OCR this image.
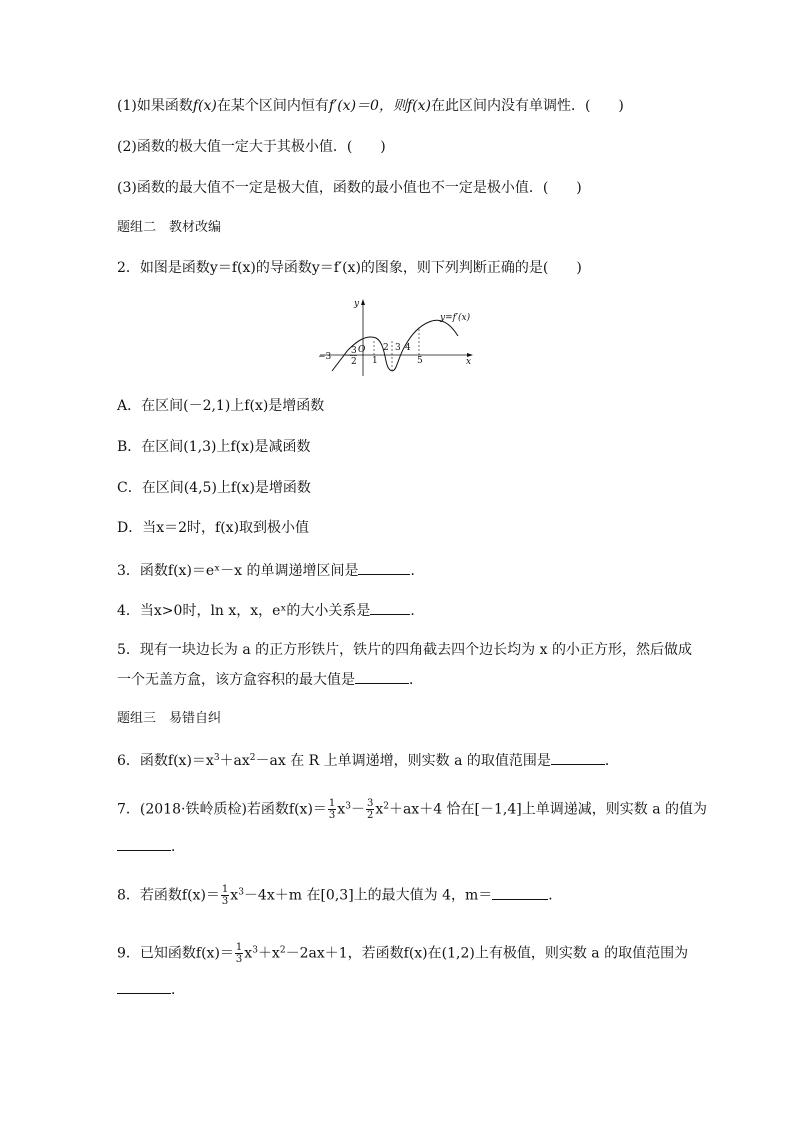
(1)如果函数f(x)在某个区间内恒有f′(x)＝0，则f(x)在此区间内没有单调性．(　　)
(2)函数的极大值一定大于其极小值．(　　)
(3)函数的最大值不一定是极大值，函数的最小值也不一定是极小值．(　　)
题组二　教材改编
2．如图是函数y＝f(x)的导函数y＝f′(x)的图象，则下列判断正确的是(　　)
−3 − 3
2
O
1
2 3 4
5	x
y
y=f′(x)
A．在区间(－2,1)上f(x)是增函数
B．在区间(1,3)上f(x)是减函数
C．在区间(4,5)上f(x)是增函数
D．当x＝2时，f(x)取到极小值
3．函数f(x)＝eˣ－x 的单调递增区间是	．
4．当x>0时，ln x，x，eˣ的大小关系是	．
5．现有一块边长为 a 的正方形铁片，铁片的四角截去四个边长均为 x 的小正方形，然后做成
一个无盖方盒，该方盒容积的最大值是	．
题组三　易错自纠
6．函数$f(x)=x^3+ax^2-ax$ 在 R 上单调递增，则实数 a 的取值范围是	．
7．(2018·铁岭质检)若函数$f(x)= \frac{1}{3} x^3- \frac{3}{2} x^2+ax+4$ 恰在[－1,4]上单调递减，则实数 a 的值为
．
8．若函数$f(x)= \frac{1}{3} x^3-4x+m$ 在[0,3]上的最大值为 4，m＝	．
9．已知函数$f(x)= \frac{1}{3} x^3+x^2-2ax+1$，若函数f(x)在(1,2)上有极值，则实数 a 的取值范围为
．
